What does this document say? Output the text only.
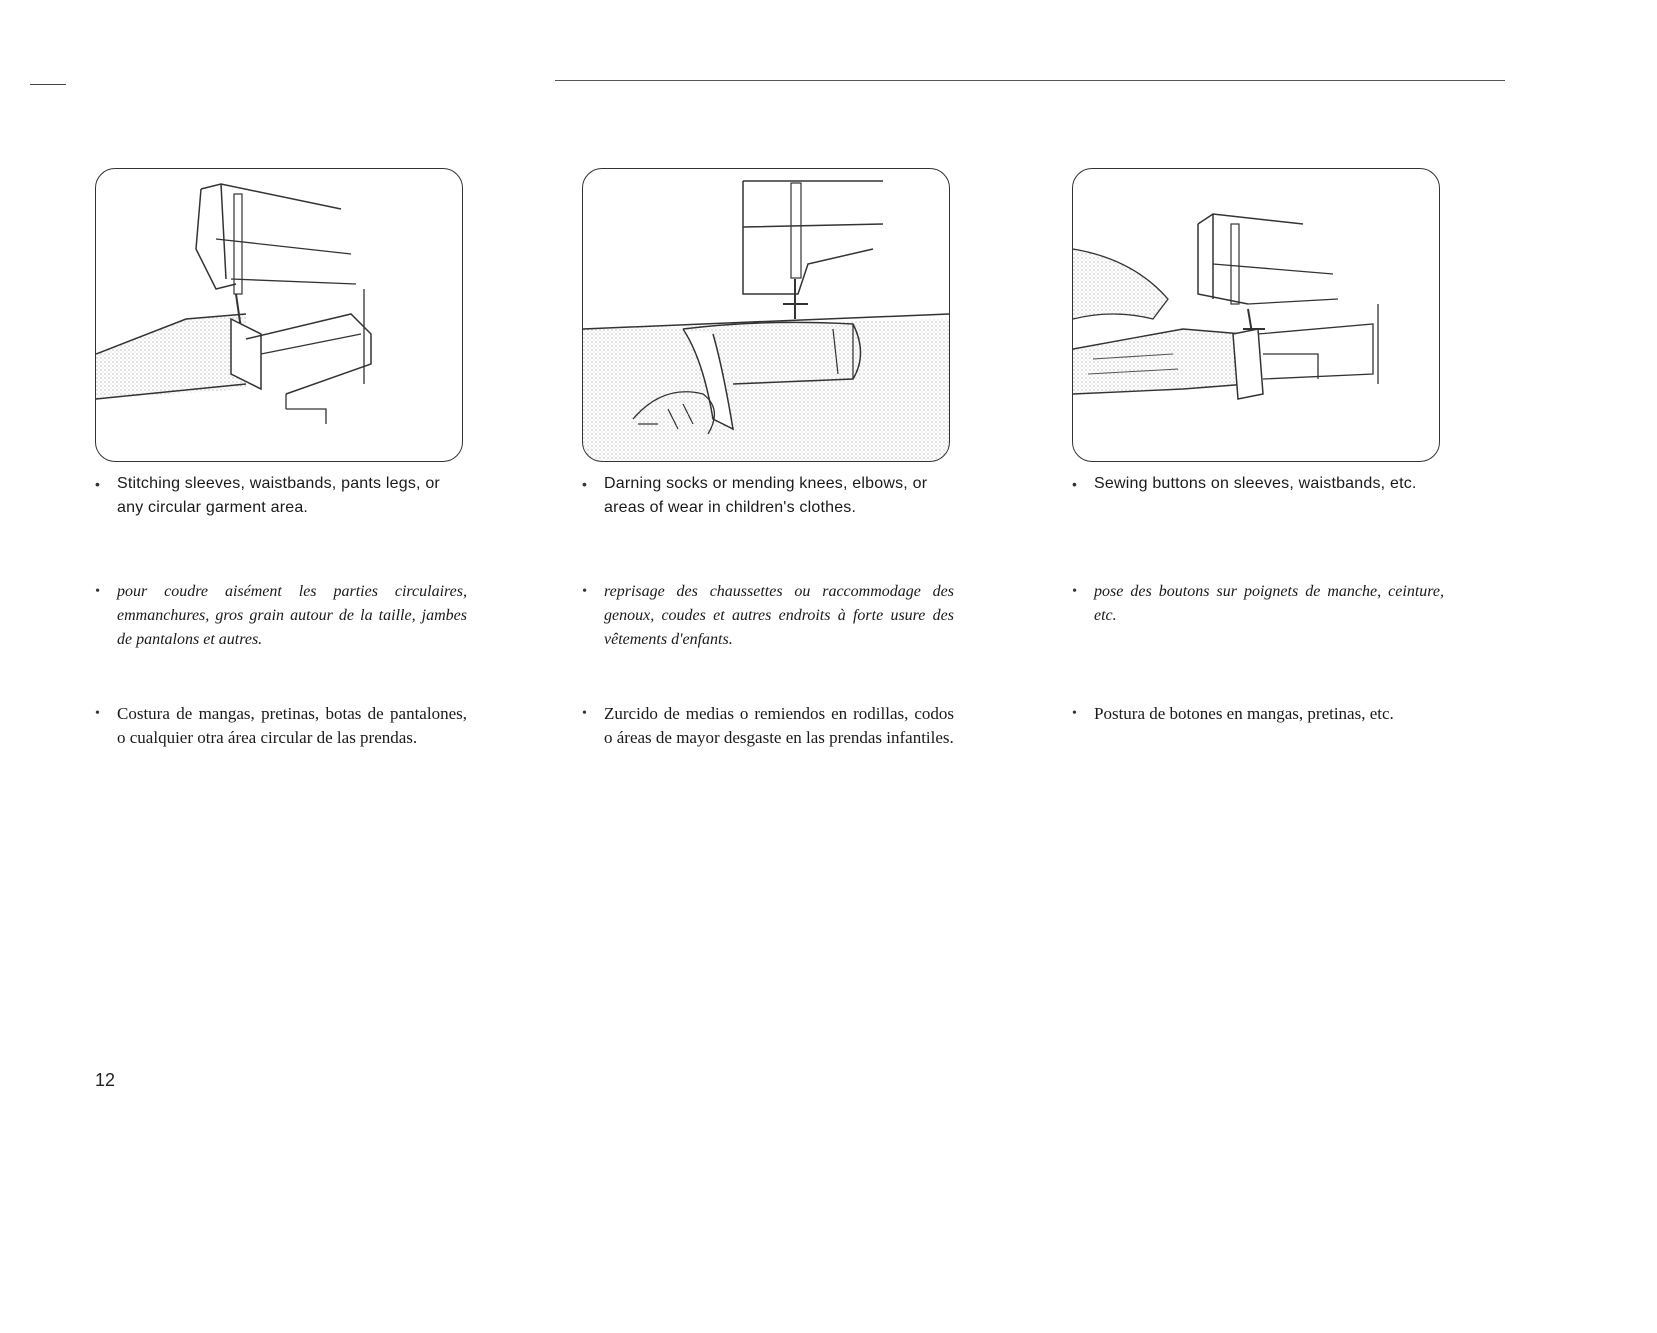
• Stitching sleeves, waistbands, pants legs, or any circular garment area.
• pour coudre aisément les parties circulaires, emmanchures, gros grain autour de la taille, jambes de pantalons et autres.
• Costura de mangas, pretinas, botas de pantalones, o cualquier otra área circular de las prendas.
• Darning socks or mending knees, elbows, or areas of wear in children's clothes.
• reprisage des chaussettes ou raccommodage des genoux, coudes et autres endroits à forte usure des vêtements d'enfants.
• Zurcido de medias o remiendos en rodillas, codos o áreas de mayor desgaste en las prendas infantiles.
• Sewing buttons on sleeves, waistbands, etc.
• pose des boutons sur poignets de manche, ceinture, etc.
• Postura de botones en mangas, pretinas, etc.
12
